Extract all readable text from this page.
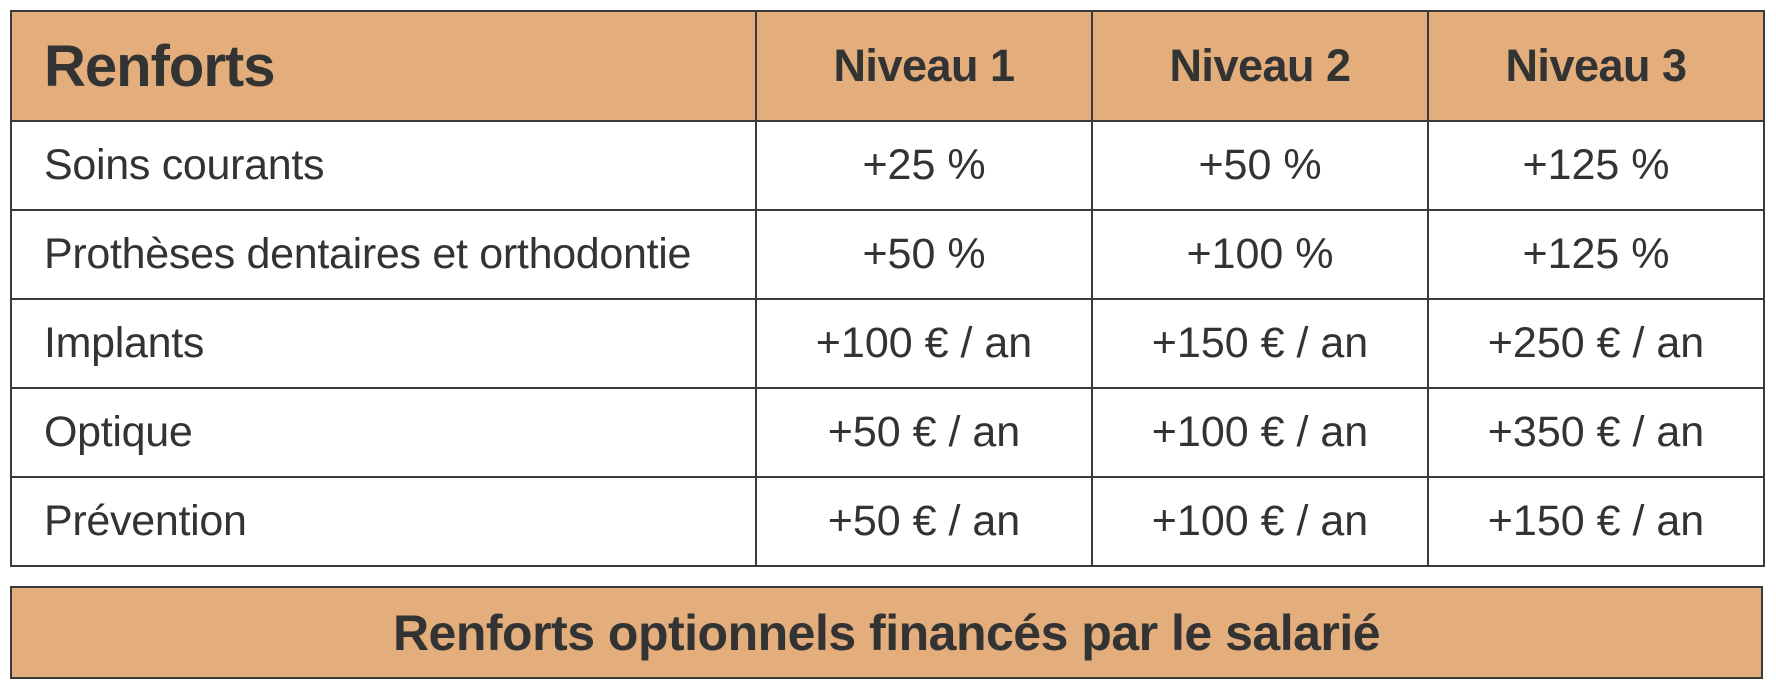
Renforts	Niveau 1	Niveau 2	Niveau 3
Soins courants	+25 %	+50 %	+125 %
Prothèses dentaires et orthodontie	+50 %	+100 %	+125 %
Implants	+100 € / an	+150 € / an	+250 € / an
Optique	+50 € / an	+100 € / an	+350 € / an
Prévention	+50 € / an	+100 € / an	+150 € / an
Renforts optionnels financés par le salarié
